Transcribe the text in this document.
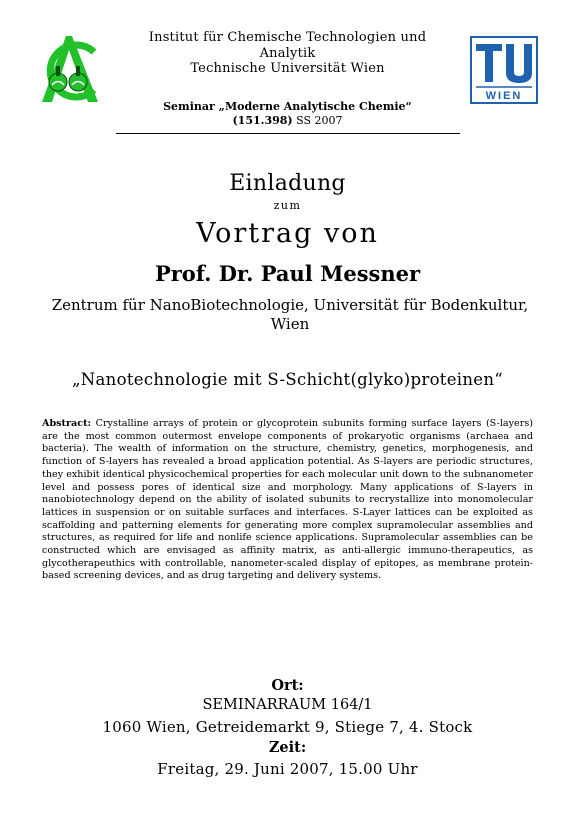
Institut für Chemische Technologien und
Analytik
Technische Universität Wien
WIEN
Seminar „Moderne Analytische Chemie“
(151.398) SS 2007
Einladung
zum
Vortrag von
Prof. Dr. Paul Messner
Zentrum für NanoBiotechnologie, Universität für Bodenkultur,
Wien
„Nanotechnologie mit S-Schicht(glyko)proteinen“
Abstract: Crystalline arrays of protein or glycoprotein subunits forming surface layers (S-layers) are the most common outermost envelope components of prokaryotic organisms (archaea and bacteria). The wealth of information on the structure, chemistry, genetics, morphogenesis, and function of S-layers has revealed a broad application potential. As S-layers are periodic structures, they exhibit identical physicochemical properties for each molecular unit down to the subnanometer level and possess pores of identical size and morphology. Many applications of S-layers in nanobiotechnology depend on the ability of isolated subunits to recrystallize into monomolecular lattices in suspension or on suitable surfaces and interfaces. S-Layer lattices can be exploited as scaffolding and patterning elements for generating more complex supramolecular assemblies and structures, as required for life and nonlife science applications. Supramolecular assemblies can be constructed which are envisaged as affinity matrix, as anti-allergic immuno-therapeutics, as glycotherapeuthics with controllable, nanometer-scaled display of epitopes, as membrane protein-based screening devices, and as drug targeting and delivery systems.
Ort:
SEMINARRAUM 164/1
1060 Wien, Getreidemarkt 9, Stiege 7, 4. Stock
Zeit:
Freitag, 29. Juni 2007, 15.00 Uhr
